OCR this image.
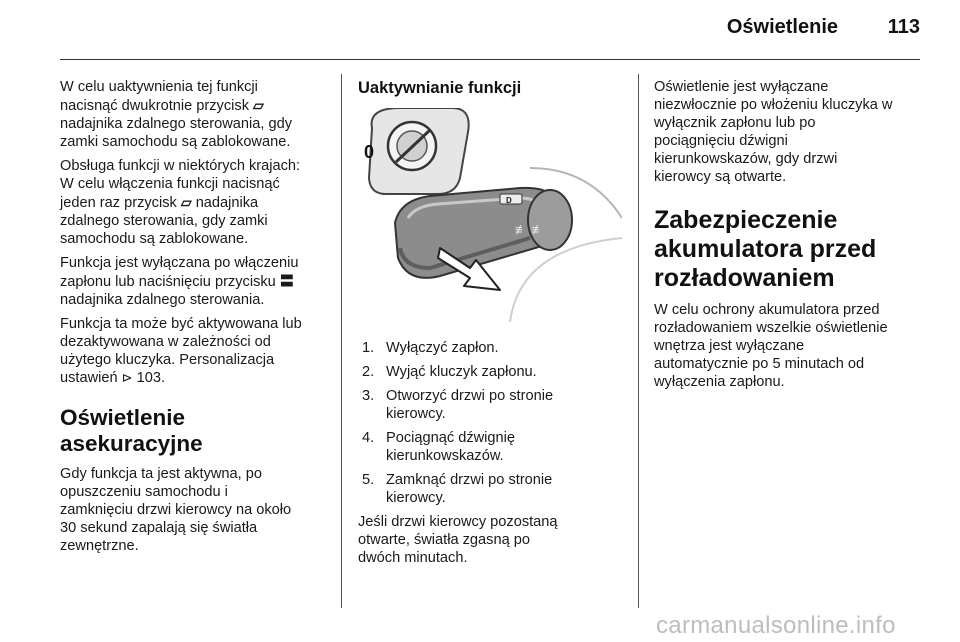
Oświetlenie 113

W celu uaktywnienia tej funkcji
nacisnąć dwukrotnie przycisk ⏥
nadajnika zdalnego sterowania, gdy
zamki samochodu są zablokowane.

Obsługa funkcji w niektórych krajach:
W celu włączenia funkcji nacisnąć
jeden raz przycisk ⏥ nadajnika
zdalnego sterowania, gdy zamki
samochodu są zablokowane.

Funkcja jest wyłączana po włączeniu
zapłonu lub naciśnięciu przycisku 〓
nadajnika zdalnego sterowania.

Funkcja ta może być aktywowana lub
dezaktywowana w zależności od
użytego kluczyka. Personalizacja
ustawień ⊳ 103.

Oświetlenie asekuracyjne

Gdy funkcja ta jest aktywna, po
opuszczeniu samochodu i
zamknięciu drzwi kierowcy na około
30 sekund zapalają się światła
zewnętrzne.

Uaktywnianie funkcji
0
D
≢ ≢
1. Wyłączyć zapłon.
2. Wyjąć kluczyk zapłonu.
3. Otworzyć drzwi po stronie
kierowcy.
4. Pociągnąć dźwignię
kierunkowskazów.
5. Zamknąć drzwi po stronie
kierowcy.

Jeśli drzwi kierowcy pozostaną
otwarte, światła zgasną po
dwóch minutach.

Oświetlenie jest wyłączane
niezwłocznie po włożeniu kluczyka w
wyłącznik zapłonu lub po
pociągnięciu dźwigni
kierunkowskazów, gdy drzwi
kierowcy są otwarte.

Zabezpieczenie
akumulatora przed
rozładowaniem

W celu ochrony akumulatora przed
rozładowaniem wszelkie oświetlenie
wnętrza jest wyłączane
automatycznie po 5 minutach od
wyłączenia zapłonu.

carmanualsonline.info
